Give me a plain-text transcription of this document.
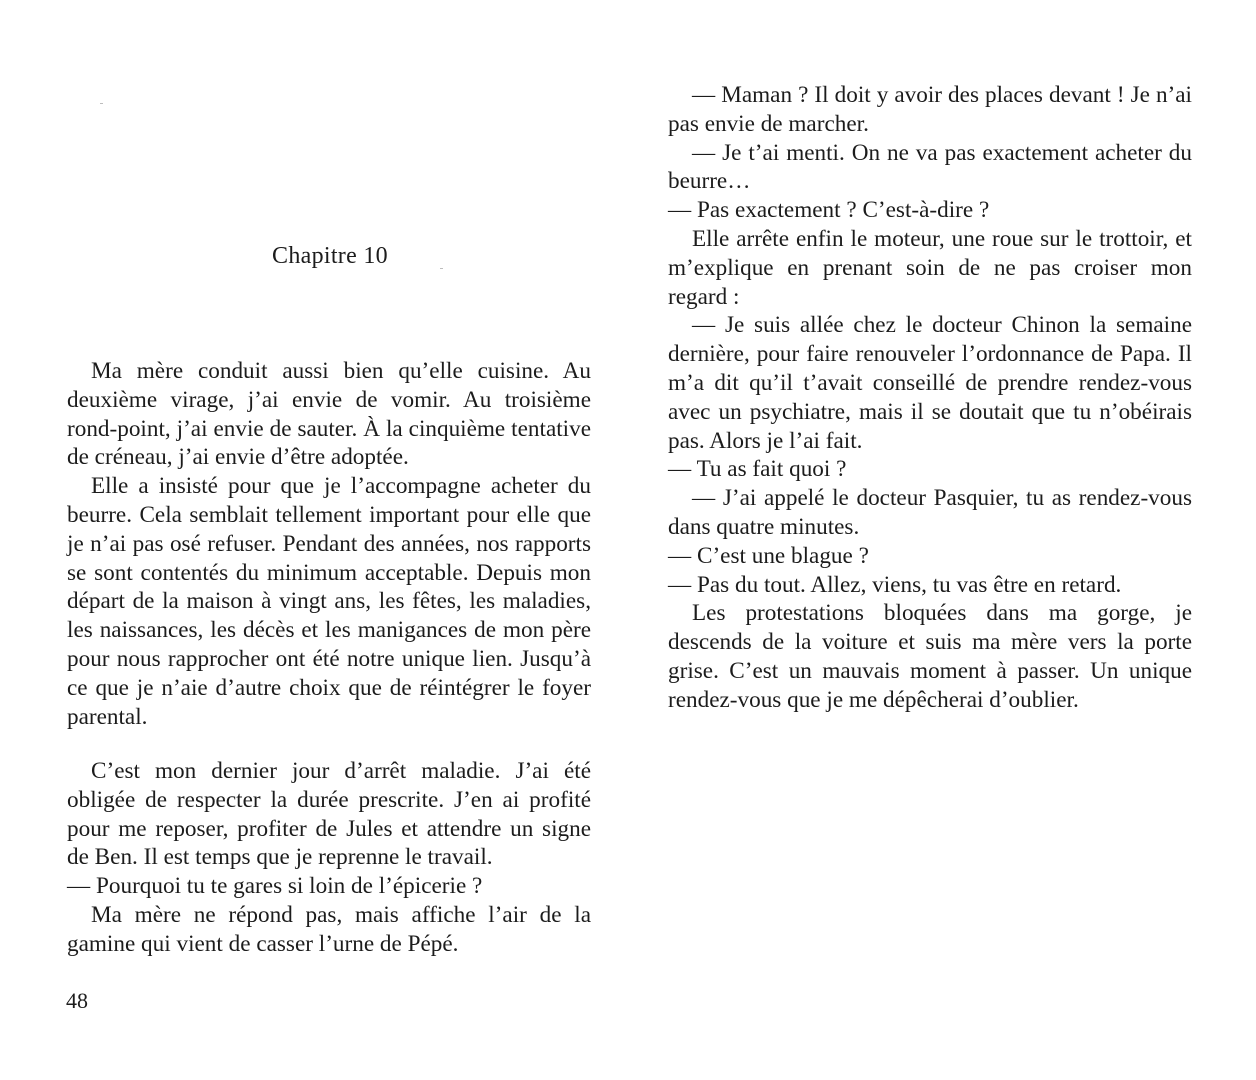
Chapitre 10

Ma mère conduit aussi bien qu’elle cuisine. Au deuxième virage, j’ai envie de vomir. Au troisième rond-point, j’ai envie de sauter. À la cinquième tentative de créneau, j’ai envie d’être adoptée.

Elle a insisté pour que je l’accompagne acheter du beurre. Cela semblait tellement important pour elle que je n’ai pas osé refuser. Pendant des années, nos rapports se sont contentés du minimum acceptable. Depuis mon départ de la maison à vingt ans, les fêtes, les maladies, les naissances, les décès et les manigances de mon père pour nous rapprocher ont été notre unique lien. Jusqu’à ce que je n’aie d’autre choix que de réintégrer le foyer parental.

C’est mon dernier jour d’arrêt maladie. J’ai été obligée de respecter la durée prescrite. J’en ai profité pour me reposer, profiter de Jules et attendre un signe de Ben. Il est temps que je reprenne le travail.

— Pourquoi tu te gares si loin de l’épicerie ?

Ma mère ne répond pas, mais affiche l’air de la gamine qui vient de casser l’urne de Pépé.

48

— Maman ? Il doit y avoir des places devant ! Je n’ai pas envie de marcher.

— Je t’ai menti. On ne va pas exactement acheter du beurre…

— Pas exactement ? C’est-à-dire ?

Elle arrête enfin le moteur, une roue sur le trottoir, et m’explique en prenant soin de ne pas croiser mon regard :

— Je suis allée chez le docteur Chinon la semaine dernière, pour faire renouveler l’ordonnance de Papa. Il m’a dit qu’il t’avait conseillé de prendre rendez-vous avec un psychiatre, mais il se doutait que tu n’obéirais pas. Alors je l’ai fait.

— Tu as fait quoi ?

— J’ai appelé le docteur Pasquier, tu as rendez-vous dans quatre minutes.

— C’est une blague ?

— Pas du tout. Allez, viens, tu vas être en retard.

Les protestations bloquées dans ma gorge, je descends de la voiture et suis ma mère vers la porte grise. C’est un mauvais moment à passer. Un unique rendez-vous que je me dépêcherai d’oublier.
